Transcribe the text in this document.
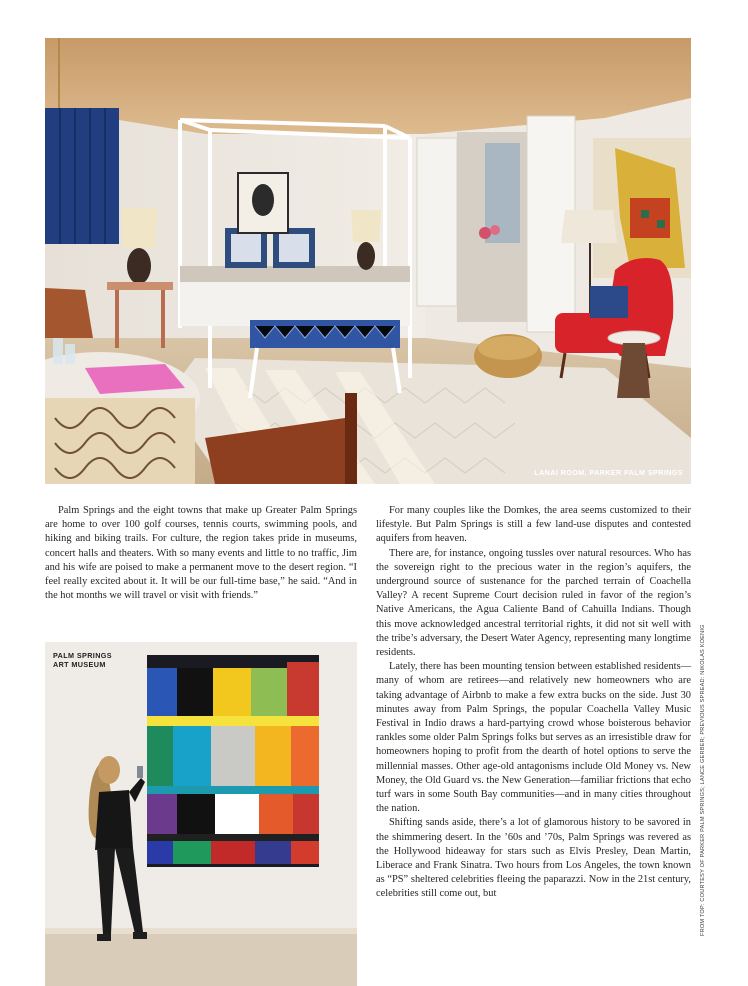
LANAI ROOM, PARKER PALM SPRINGS

Palm Springs and the eight towns that make up Greater Palm Springs are home to over 100 golf courses, tennis courts, swimming pools, and hiking and biking trails. For culture, the region takes pride in museums, concert halls and theaters. With so many events and little to no traffic, Jim and his wife are poised to make a permanent move to the desert region. “I feel really excited about it. It will be our full-time base,” he said. “And in the hot months we will travel or visit with friends.”

PALM SPRINGS
ART MUSEUM

For many couples like the Domkes, the area seems customized to their lifestyle. But Palm Springs is still a few land-use disputes and contested aquifers from heaven.

There are, for instance, ongoing tussles over natural resources. Who has the sovereign right to the precious water in the region’s aquifers, the underground source of sustenance for the parched terrain of Coachella Valley? A recent Supreme Court decision ruled in favor of the region’s Native Americans, the Agua Caliente Band of Cahuilla Indians. Though this move acknowledged ancestral territorial rights, it did not sit well with the tribe’s adversary, the Desert Water Agency, representing many longtime residents.

Lately, there has been mounting tension between established residents—many of whom are retirees—and relatively new homeowners who are taking advantage of Airbnb to make a few extra bucks on the side. Just 30 minutes away from Palm Springs, the popular Coachella Valley Music Festival in Indio draws a hard-partying crowd whose boisterous behavior rankles some older Palm Springs folks but serves as an irresistible draw for homeowners hoping to profit from the dearth of hotel options to serve the millennial masses. Other age-old antagonisms include Old Money vs. New Money, the Old Guard vs. the New Generation—familiar frictions that echo turf wars in some South Bay communities—and in many cities throughout the nation.

Shifting sands aside, there’s a lot of glamorous history to be savored in the shimmering desert. In the ’60s and ’70s, Palm Springs was revered as the Hollywood hideaway for stars such as Elvis Presley, Dean Martin, Liberace and Frank Sinatra. Two hours from Los Angeles, the town known as “PS” sheltered celebrities fleeing the paparazzi. Now in the 21st century, celebrities still come out, but	FROM TOP: COURTESY OF PARKER PALM SPRINGS; LANCE GERBER; PREVIOUS SPREAD: NIKOLAS KOENIG
